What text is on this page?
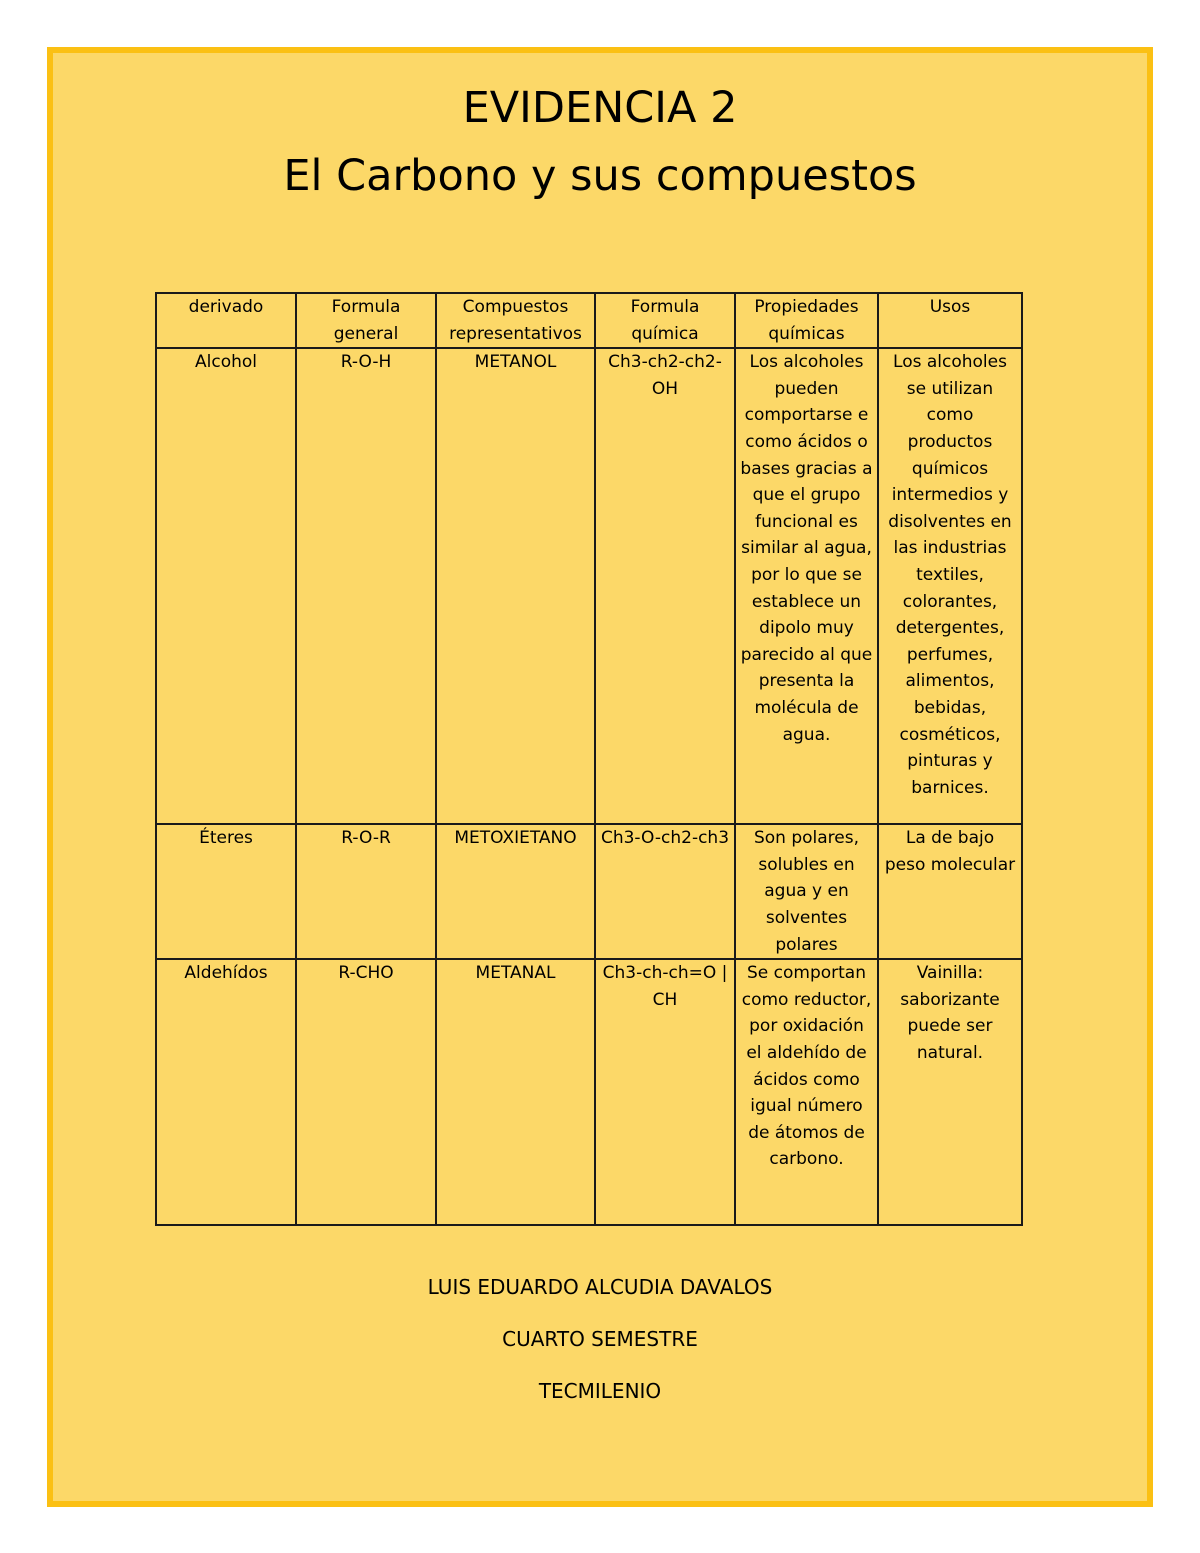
EVIDENCIA 2
El Carbono y sus compuestos
derivado	Formula general	Compuestos representativos	Formula química	Propiedades químicas	Usos
Alcohol	R-O-H	METANOL	Ch3-ch2-ch2-OH	Los alcoholes pueden comportarse e como ácidos o bases gracias a que el grupo funcional es similar al agua, por lo que se establece un dipolo muy parecido al que presenta la molécula de agua.	Los alcoholes se utilizan como productos químicos intermedios y disolventes en las industrias textiles, colorantes, detergentes, perfumes, alimentos, bebidas, cosméticos, pinturas y barnices.
Éteres	R-O-R	METOXIETANO	Ch3-O-ch2-ch3	Son polares, solubles en agua y en solventes polares	La de bajo peso molecular
Aldehídos	R-CHO	METANAL	Ch3-ch-ch=O | CH	Se comportan como reductor, por oxidación el aldehído de ácidos como igual número de átomos de carbono.	Vainilla: saborizante puede ser natural.
LUIS EDUARDO ALCUDIA DAVALOS
CUARTO SEMESTRE
TECMILENIO
